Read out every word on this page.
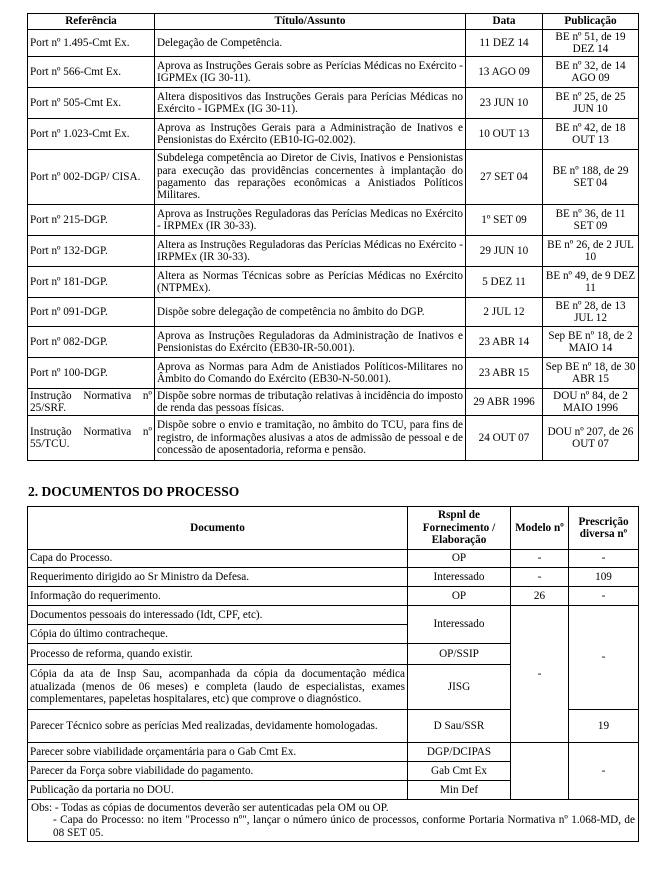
Referência	Título/Assunto	Data	Publicação
Port nº 1.495-Cmt Ex.	Delegação de Competência.	11 DEZ 14	BE nº 51, de 19 DEZ 14
Port nº 566-Cmt Ex.	Aprova as Instruções Gerais sobre as Perícias Médicas no Exército - IGPMEx (IG 30-11).	13 AGO 09	BE nº 32, de 14 AGO 09
Port nº 505-Cmt Ex.	Altera dispositivos das Instruções Gerais para Perícias Médicas no Exército - IGPMEx (IG 30-11).	23 JUN 10	BE nº 25, de 25 JUN 10
Port nº 1.023-Cmt Ex.	Aprova as Instruções Gerais para a Administração de Inativos e Pensionistas do Exército (EB10-IG-02.002).	10 OUT 13	BE nº 42, de 18 OUT 13
Port nº 002-DGP/ CISA.	Subdelega competência ao Diretor de Civis, Inativos e Pensionistas para execução das providências concernentes à implantação do pagamento das reparações econômicas a Anistiados Políticos Militares.	27 SET 04	BE nº 188, de 29 SET 04
Port nº 215-DGP.	Aprova as Instruções Reguladoras das Perícias Medicas no Exército - IRPMEx (IR 30-33).	1º SET 09	BE nº 36, de 11 SET 09
Port nº 132-DGP.	Altera as Instruções Reguladoras das Perícias Médicas no Exército - IRPMEx (IR 30-33).	29 JUN 10	BE nº 26, de 2 JUL 10
Port nº 181-DGP.	Altera as Normas Técnicas sobre as Perícias Médicas no Exército (NTPMEx).	5 DEZ 11	BE nº 49, de 9 DEZ 11
Port nº 091-DGP.	Dispõe sobre delegação de competência no âmbito do DGP.	2 JUL 12	BE nº 28, de 13 JUL 12
Port nº 082-DGP.	Aprova as Instruções Reguladoras da Administração de Inativos e Pensionistas do Exército (EB30-IR-50.001).	23 ABR 14	Sep BE nº 18, de 2 MAIO 14
Port nº 100-DGP.	Aprova as Normas para Adm de Anistiados Políticos-Militares no Âmbito do Comando do Exército (EB30-N-50.001).	23 ABR 15	Sep BE nº 18, de 30 ABR 15
Instrução Normativa nº 25/SRF.	Dispõe sobre normas de tributação relativas à incidência do imposto de renda das pessoas físicas.	29 ABR 1996	DOU nº 84, de 2 MAIO 1996
Instrução Normativa nº 55/TCU.	Dispõe sobre o envio e tramitação, no âmbito do TCU, para fins de registro, de informações alusivas a atos de admissão de pessoal e de concessão de aposentadoria, reforma e pensão.	24 OUT 07	DOU nº 207, de 26 OUT 07
2. DOCUMENTOS DO PROCESSO
Documento	Rspnl de Fornecimento / Elaboração	Modelo nº	Prescrição diversa nº
Capa do Processo.	OP	-	-
Requerimento dirigido ao Sr Ministro da Defesa.	Interessado	-	109
Informação do requerimento.	OP	26	-
Documentos pessoais do interessado (Idt, CPF, etc).	Interessado	-	-
Cópia do último contracheque.			
Processo de reforma, quando existir.	OP/SSIP		
Cópia da ata de Insp Sau, acompanhada da cópia da documentação médica atualizada (menos de 06 meses) e completa (laudo de especialistas, exames complementares, papeletas hospitalares, etc) que comprove o diagnóstico.	JISG		
Parecer Técnico sobre as perícias Med realizadas, devidamente homologadas.	D Sau/SSR		19
Parecer sobre viabilidade orçamentária para o Gab Cmt Ex.	DGP/DCIPAS		-
Parecer da Força sobre viabilidade do pagamento.	Gab Cmt Ex		
Publicação da portaria no DOU.	Min Def		

Obs: - Todas as cópias de documentos deverão ser autenticadas pela OM ou OP.
- Capa do Processo: no item "Processo nº", lançar o número único de processos, conforme Portaria Normativa nº 1.068-MD, de 08 SET 05.			
